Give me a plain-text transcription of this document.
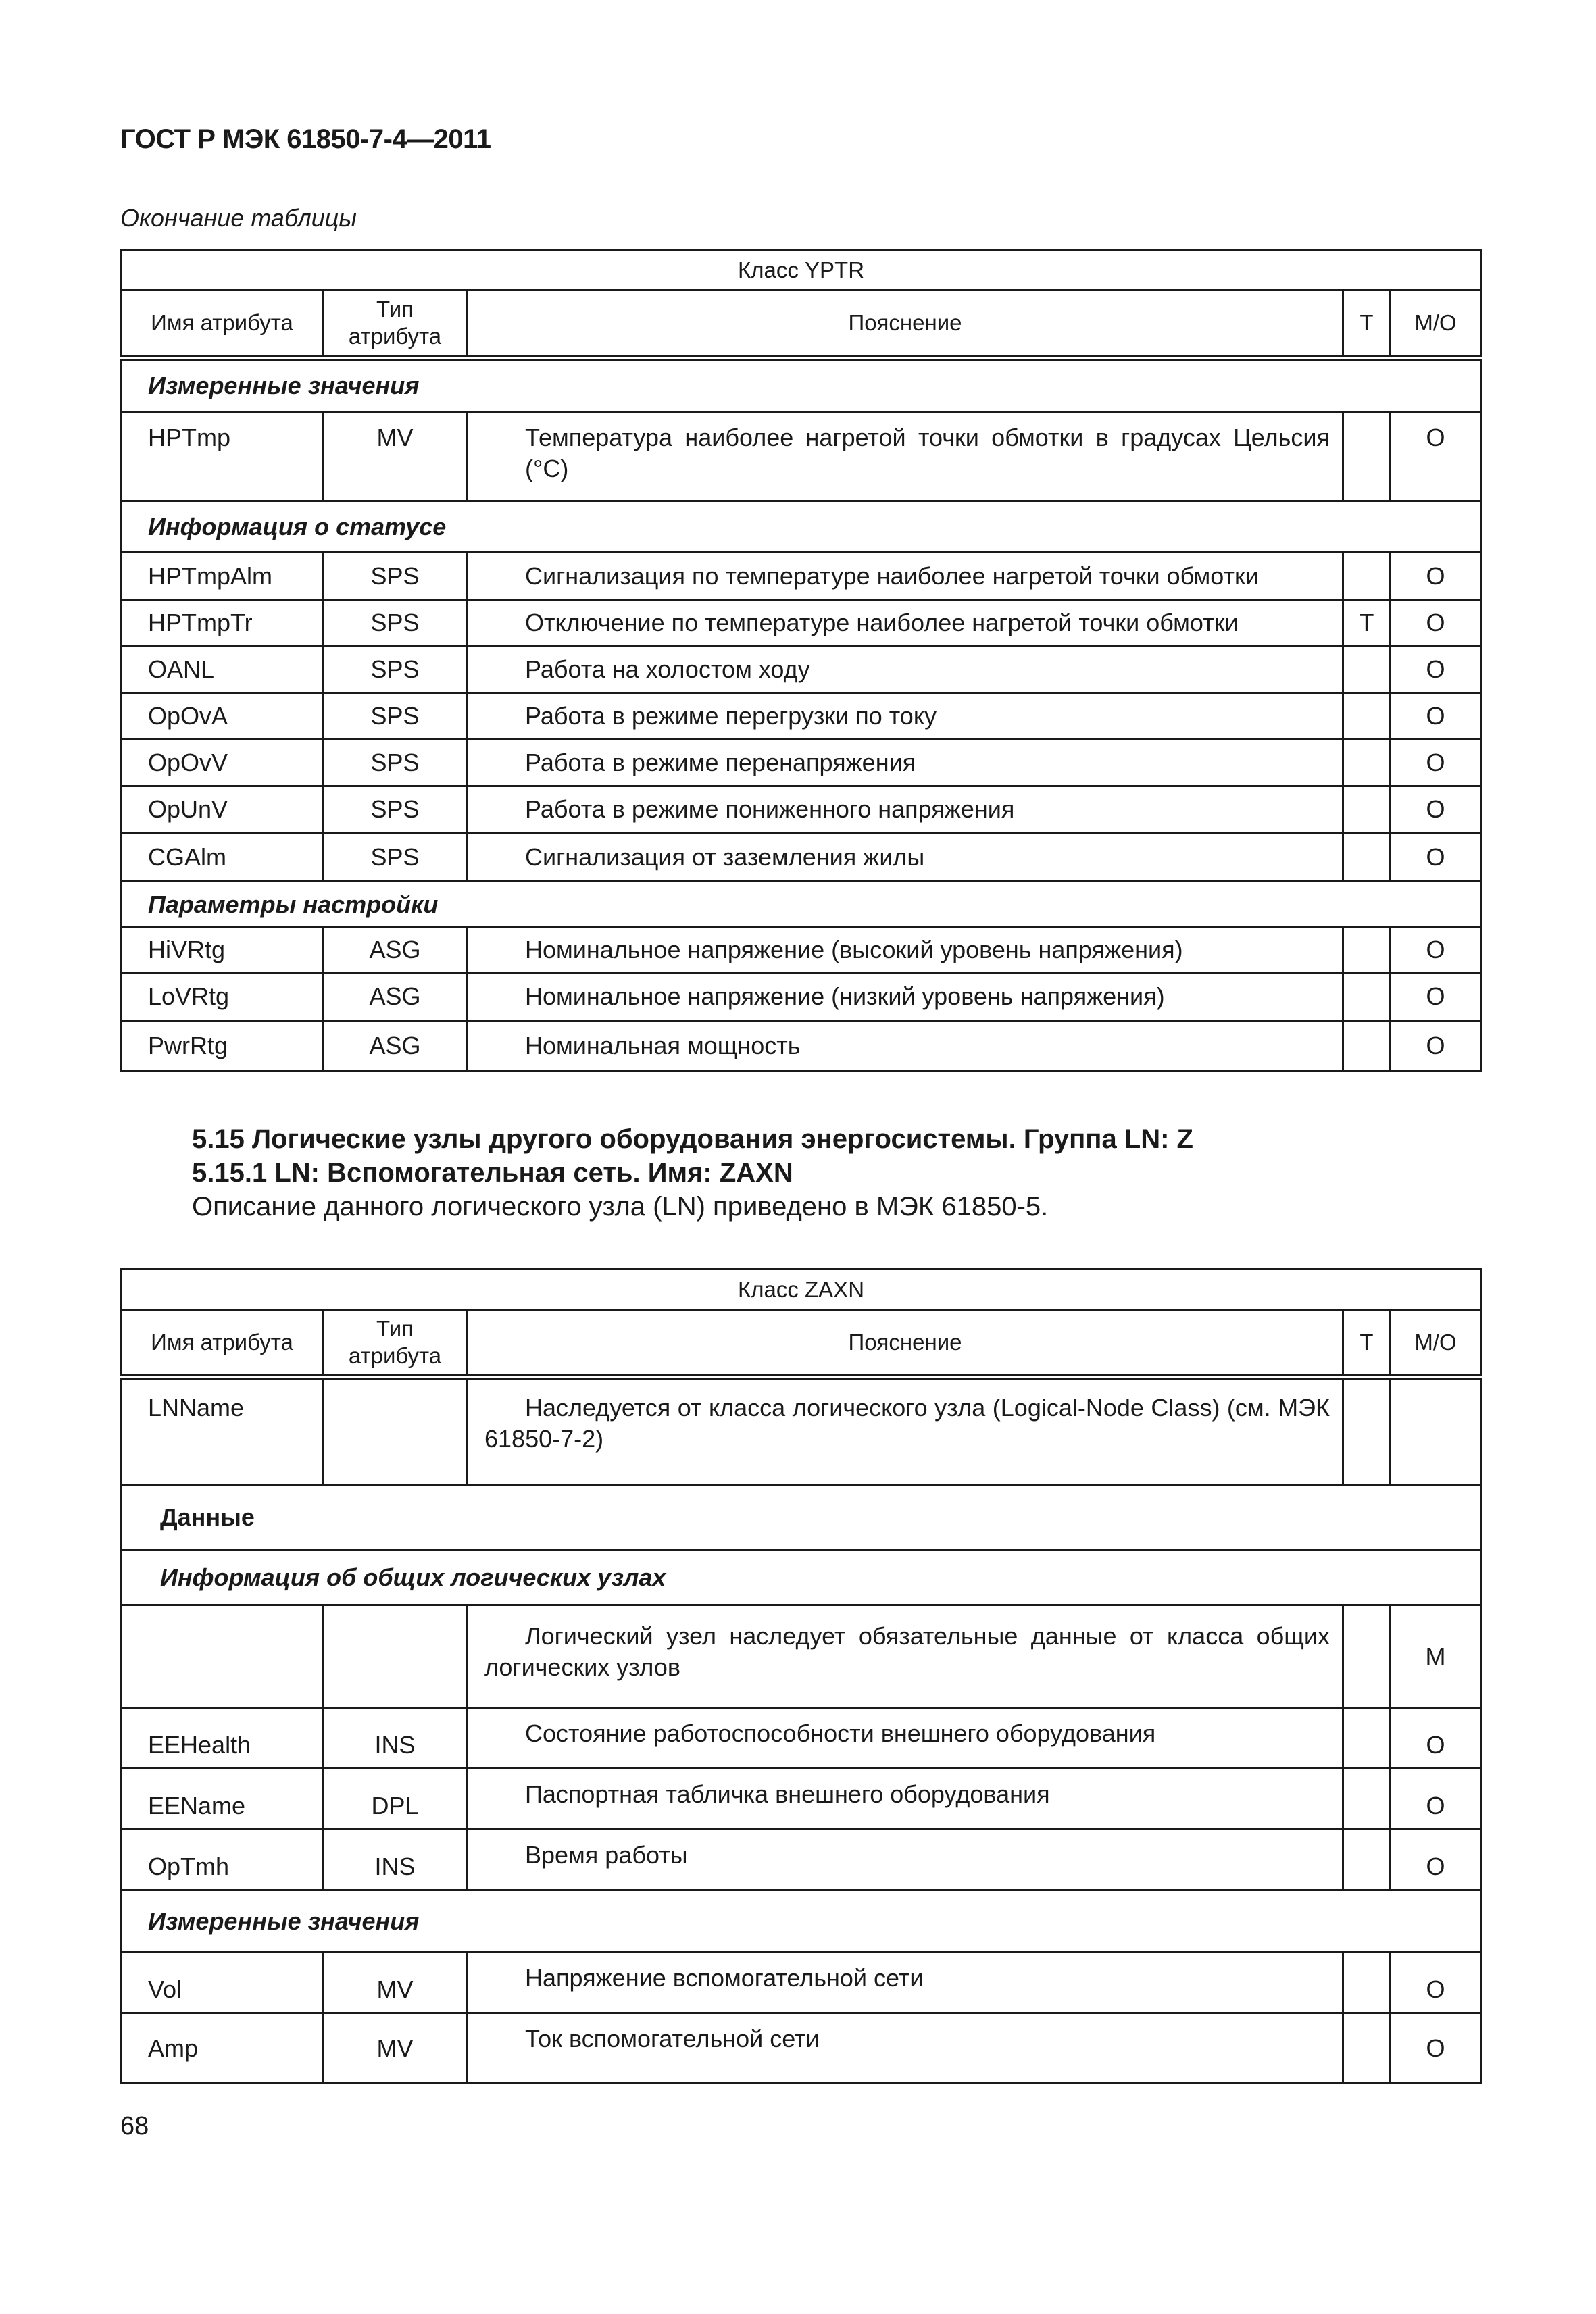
ГОСТ Р МЭК 61850-7-4—2011
Окончание таблицы
Класс YPTR				
Имя атрибута	Тип атрибута	Пояснение	T	M/O
Измеренные значения				
HPTmp	MV	Температура наиболее нагретой точки обмотки в градусах Цельсия (°C)		O
Информация о статусе				
HPTmpAlm	SPS	Сигнализация по температуре наиболее нагретой точки обмотки		O
HPTmpTr	SPS	Отключение по температуре наиболее нагретой точки обмотки	T	O
OANL	SPS	Работа на холостом ходу		O
OpOvA	SPS	Работа в режиме перегрузки по току		O
OpOvV	SPS	Работа в режиме перенапряжения		O
OpUnV	SPS	Работа в режиме пониженного напряжения		O
CGAlm	SPS	Сигнализация от заземления жилы		O
Параметры настройки				
HiVRtg	ASG	Номинальное напряжение (высокий уровень напряжения)		O
LoVRtg	ASG	Номинальное напряжение (низкий уровень напряжения)		O
PwrRtg	ASG	Номинальная мощность		O
5.15 Логические узлы другого оборудования энергосистемы. Группа LN: Z
5.15.1 LN: Вспомогательная сеть. Имя: ZAXN
Описание данного логического узла (LN) приведено в МЭК 61850-5.
Класс ZAXN				
Имя атрибута	Тип атрибута	Пояснение	T	M/O
LNName		Наследуется от класса логического узла (Logical-Node Class) (см. МЭК 61850-7-2)		
Данные				
Информация об общих логических узлах				
		Логический узел наследует обязательные данные от класса общих логических узлов		M
EEHealth	INS	Состояние работоспособности внешнего оборудования		O
EEName	DPL	Паспортная табличка внешнего оборудования		O
OpTmh	INS	Время работы		O
Измеренные значения				
Vol	MV	Напряжение вспомогательной сети		O
Amp	MV	Ток вспомогательной сети		O
68
